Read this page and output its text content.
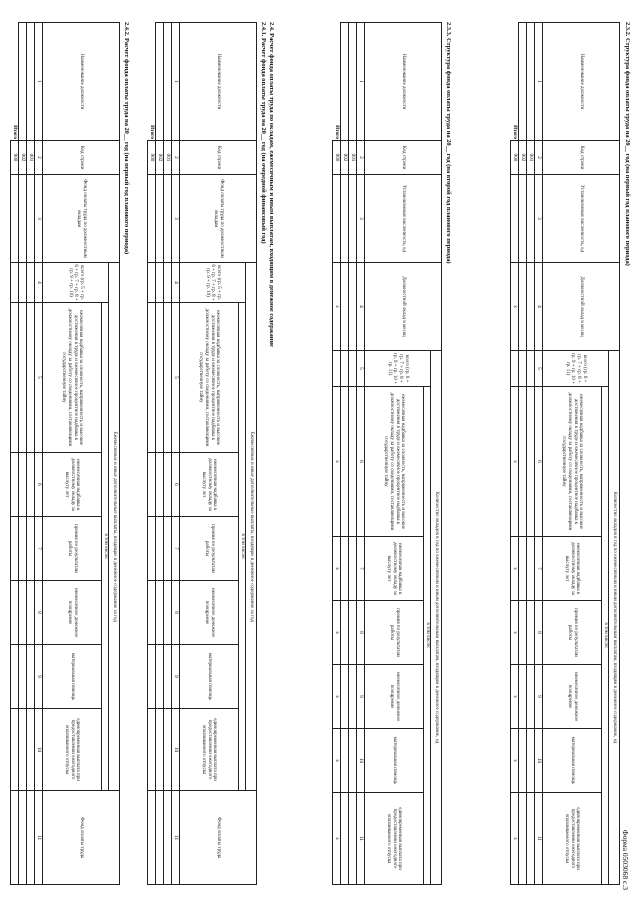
Форма 0503068 с.3
2.3.2. Структура фонда оплаты труда на 20__ год (на первый год планового периода)
Наименование должности	Код строки	Установленная численность, ед	Должностной оклад в месяц	Количество окладов в год по ежемесячным и иным дополнительным выплатам, входящим в денежное содержание, ед						
				всего (гр. 6 + гр. 7 + гр. 8 + гр. 9 + гр. 10 + гр. 11)	в том числе:					
					ежемесячная надбавка за сложность, напряженность и высокие достижения в труде и ежемесячное процентное надбавка к должностному окладу за работу со сведениями, составляющими государственную тайну	ежемесячная надбавка к должностному окладу за выслугу лет	премия по результатам работы	ежемесячное денежное поощрение	материальная помощь	единовременная выплата при предоставлении ежегодного оплачиваемого отпуска
1	2	3	4	5	6	7	8	9	10	11
	001									
	002									
Итого	900		x		x	x	x	x	x	x
2.3.3. Структура фонда оплаты труда на 20__ год (на второй год планового периода)
Наименование должности	Код строки	Установленная численность, ед	Должностной оклад в месяц	Количество окладов в год по ежемесячным и иным дополнительным выплатам, входящим в денежное содержание, ед						
				всего (гр. 6 + гр. 7 + гр. 8 + гр. 9 + гр. 10 + гр. 11)	в том числе:					
					ежемесячная надбавка за сложность, напряженность и высокие достижения в труде и ежемесячное процентное надбавка к должностному окладу за работу со сведениями, составляющими государственную тайну	ежемесячная надбавка к должностному окладу за выслугу лет	премия по результатам работы	ежемесячное денежное поощрение	материальная помощь	единовременная выплата при предоставлении ежегодного оплачиваемого отпуска
1	2	3	4	5	6	7	8	9	10	11
	001									
	002									
Итого	900		x		x	x	x	x	x	x
2.4. Расчет фонда оплаты труда по окладам, ежемесячным и иным выплатам, входящим в денежное содержание
2.4.1. Расчет фонда оплаты труда на 20__ год (на очередной финансовый год)
Наименование должности	Код строки	Фонд оплаты труда по должностным окладам	Ежемесячные и иные дополнительные выплаты, входящие в денежное содержание за год							Фонд оплаты труда
			всего (гр. 5 + гр. 6 + гр. 7 + гр. 8 + гр. 9 + гр. 10)	в том числе:						
				ежемесячная надбавка за сложность, напряженность и высокие достижения в труде и ежемесячное процентное надбавка к должностному окладу за работу со сведениями, составляющими государственную тайну	ежемесячная надбавка к должностному окладу за выслугу лет	премия по результатам работы	ежемесячное денежное поощрение	материальная помощь	единовременная выплата при предоставлении ежегодного оплачиваемого отпуска	
1	2	3	4	5	6	7	8	9	10	11
	001									
	002									
Итого	900									
2.4.2. Расчет фонда оплаты труда на 20__ год (на первый год планового периода)
Наименование должности	Код строки	Фонд оплаты труда по должностным окладам	Ежемесячные и иные дополнительные выплаты, входящие в денежное содержание за год							Фонд оплаты труда
			всего (гр. 5 + гр. 6 + гр. 7 + гр. 8 + гр. 9 + гр. 10)	в том числе:						
				ежемесячная надбавка за сложность, напряженность и высокие достижения в труде и ежемесячное процентное надбавка к должностному окладу за работу со сведениями, составляющими государственную тайну	ежемесячная надбавка к должностному окладу за выслугу лет	премия по результатам работы	ежемесячное денежное поощрение	материальная помощь	единовременная выплата при предоставлении ежегодного оплачиваемого отпуска	
1	2	3	4	5	6	7	8	9	10	11
	001									
	002									
Итого	900									
